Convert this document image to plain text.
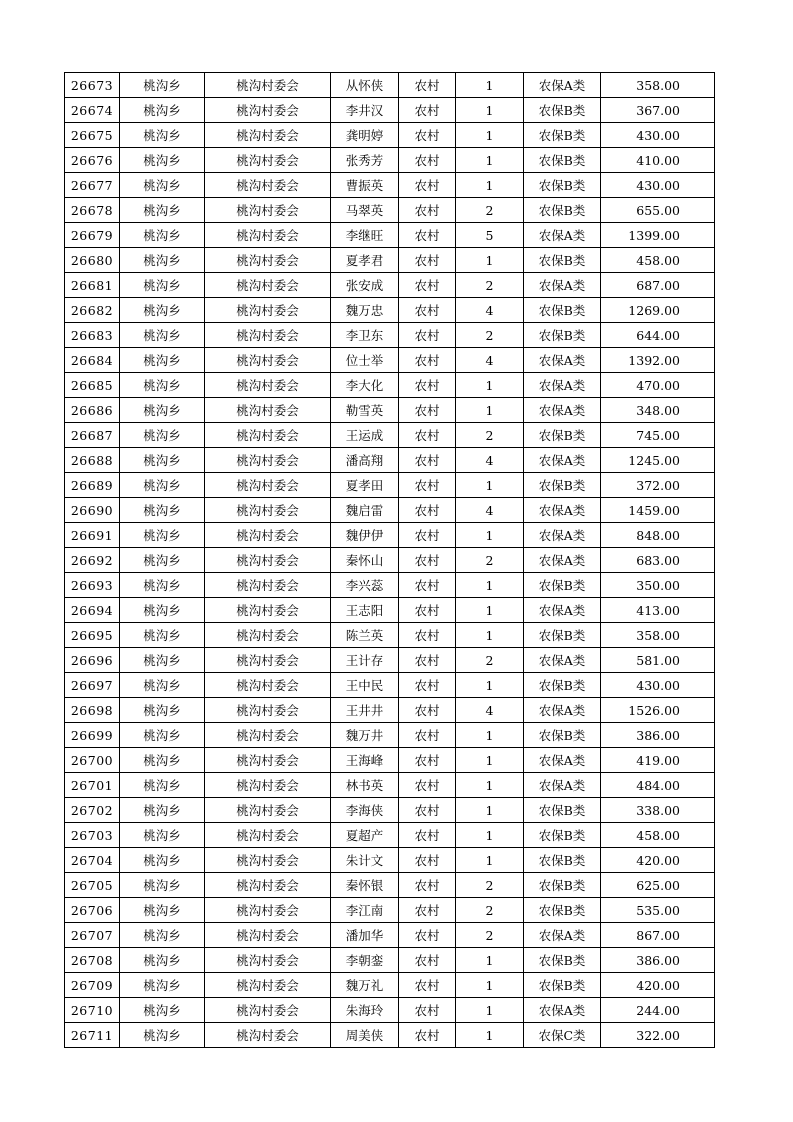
26673	桃沟乡	桃沟村委会	从怀侠	农村	1	农保A类	358.00
26674	桃沟乡	桃沟村委会	李井汉	农村	1	农保B类	367.00
26675	桃沟乡	桃沟村委会	龚明婷	农村	1	农保B类	430.00
26676	桃沟乡	桃沟村委会	张秀芳	农村	1	农保B类	410.00
26677	桃沟乡	桃沟村委会	曹振英	农村	1	农保B类	430.00
26678	桃沟乡	桃沟村委会	马翠英	农村	2	农保B类	655.00
26679	桃沟乡	桃沟村委会	李继旺	农村	5	农保A类	1399.00
26680	桃沟乡	桃沟村委会	夏孝君	农村	1	农保B类	458.00
26681	桃沟乡	桃沟村委会	张安成	农村	2	农保A类	687.00
26682	桃沟乡	桃沟村委会	魏万忠	农村	4	农保B类	1269.00
26683	桃沟乡	桃沟村委会	李卫东	农村	2	农保B类	644.00
26684	桃沟乡	桃沟村委会	位士举	农村	4	农保A类	1392.00
26685	桃沟乡	桃沟村委会	李大化	农村	1	农保A类	470.00
26686	桃沟乡	桃沟村委会	勒雪英	农村	1	农保A类	348.00
26687	桃沟乡	桃沟村委会	王运成	农村	2	农保B类	745.00
26688	桃沟乡	桃沟村委会	潘高翔	农村	4	农保A类	1245.00
26689	桃沟乡	桃沟村委会	夏孝田	农村	1	农保B类	372.00
26690	桃沟乡	桃沟村委会	魏启雷	农村	4	农保A类	1459.00
26691	桃沟乡	桃沟村委会	魏伊伊	农村	1	农保A类	848.00
26692	桃沟乡	桃沟村委会	秦怀山	农村	2	农保A类	683.00
26693	桃沟乡	桃沟村委会	李兴蕊	农村	1	农保B类	350.00
26694	桃沟乡	桃沟村委会	王志阳	农村	1	农保A类	413.00
26695	桃沟乡	桃沟村委会	陈兰英	农村	1	农保B类	358.00
26696	桃沟乡	桃沟村委会	王计存	农村	2	农保A类	581.00
26697	桃沟乡	桃沟村委会	王中民	农村	1	农保B类	430.00
26698	桃沟乡	桃沟村委会	王井井	农村	4	农保A类	1526.00
26699	桃沟乡	桃沟村委会	魏万井	农村	1	农保B类	386.00
26700	桃沟乡	桃沟村委会	王海峰	农村	1	农保A类	419.00
26701	桃沟乡	桃沟村委会	林书英	农村	1	农保A类	484.00
26702	桃沟乡	桃沟村委会	李海侠	农村	1	农保B类	338.00
26703	桃沟乡	桃沟村委会	夏超产	农村	1	农保B类	458.00
26704	桃沟乡	桃沟村委会	朱计文	农村	1	农保B类	420.00
26705	桃沟乡	桃沟村委会	秦怀银	农村	2	农保B类	625.00
26706	桃沟乡	桃沟村委会	李江南	农村	2	农保B类	535.00
26707	桃沟乡	桃沟村委会	潘加华	农村	2	农保A类	867.00
26708	桃沟乡	桃沟村委会	李朝銮	农村	1	农保B类	386.00
26709	桃沟乡	桃沟村委会	魏万礼	农村	1	农保B类	420.00
26710	桃沟乡	桃沟村委会	朱海玲	农村	1	农保A类	244.00
26711	桃沟乡	桃沟村委会	周美侠	农村	1	农保C类	322.00
